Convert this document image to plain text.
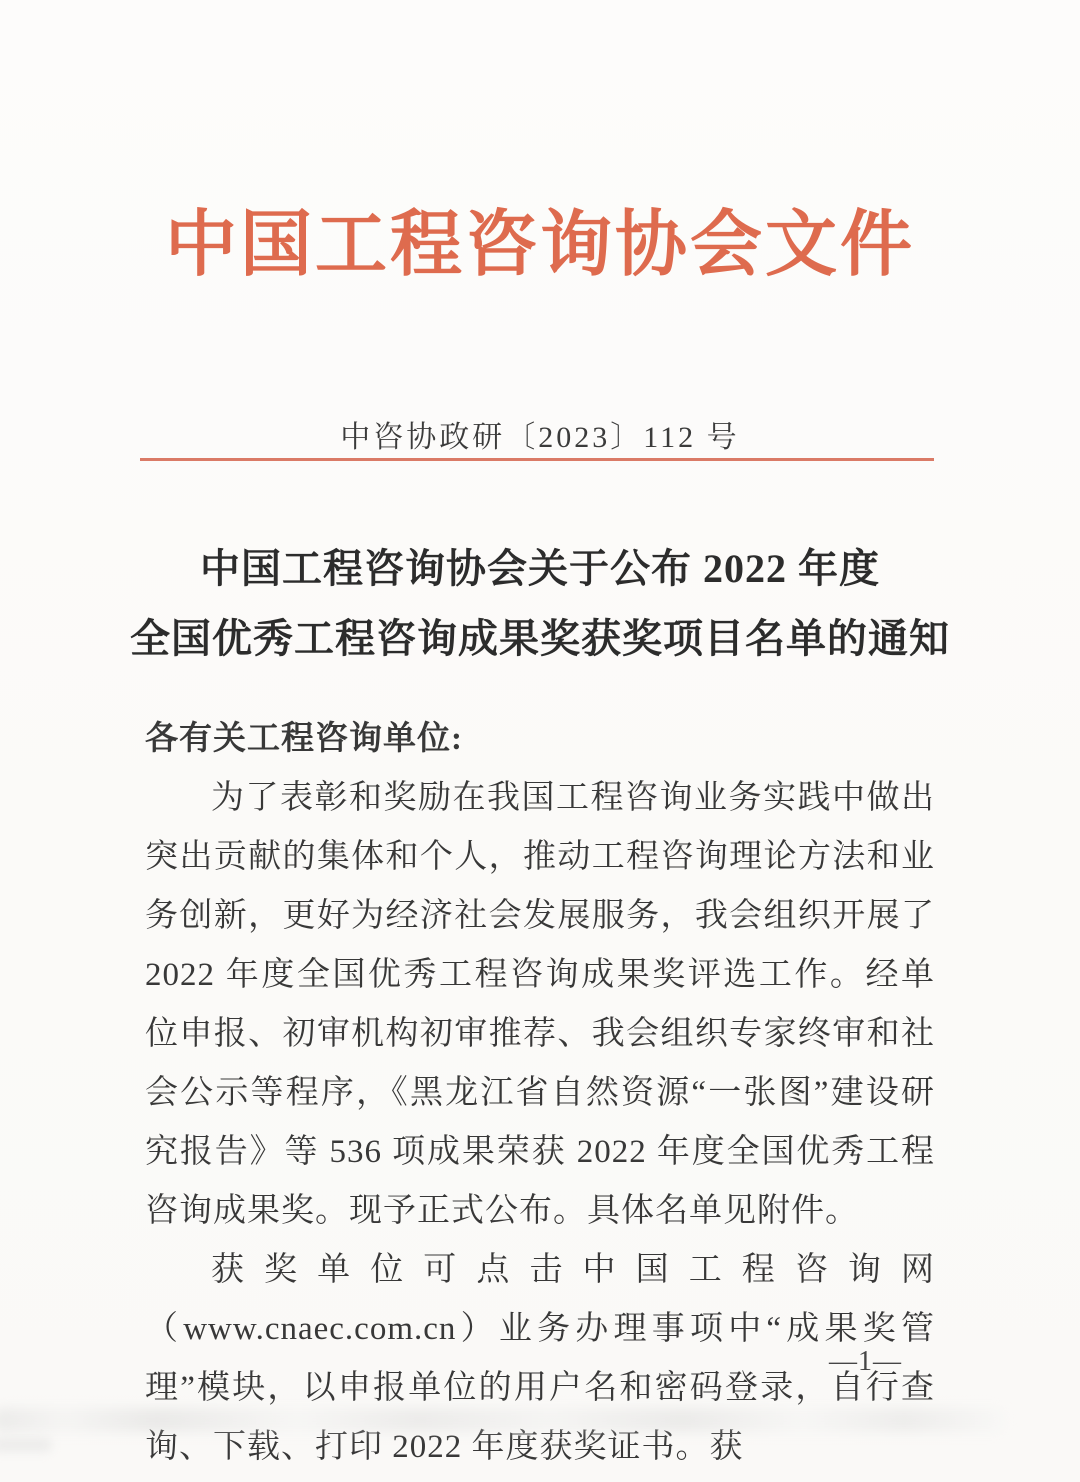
中国工程咨询协会文件
中咨协政研〔2023〕112 号
中国工程咨询协会关于公布 2022 年度
全国优秀工程咨询成果奖获奖项目名单的通知
各有关工程咨询单位:
为了表彰和奖励在我国工程咨询业务实践中做出突出贡献的集体和个人，推动工程咨询理论方法和业务创新，更好为经济社会发展服务，我会组织开展了 2022 年度全国优秀工程咨询成果奖评选工作。经单位申报、初审机构初审推荐、我会组织专家终审和社会公示等程序，《黑龙江省自然资源“一张图”建设研究报告》等 536 项成果荣获 2022 年度全国优秀工程咨询成果奖。现予正式公布。具体名单见附件。
获奖单位可点击中国工程咨询网（www.cnaec.com.cn）业务办理事项中“成果奖管理”模块，以申报单位的用户名和密码登录，自行查询、下载、打印 2022 年度获奖证书。获
—1—
